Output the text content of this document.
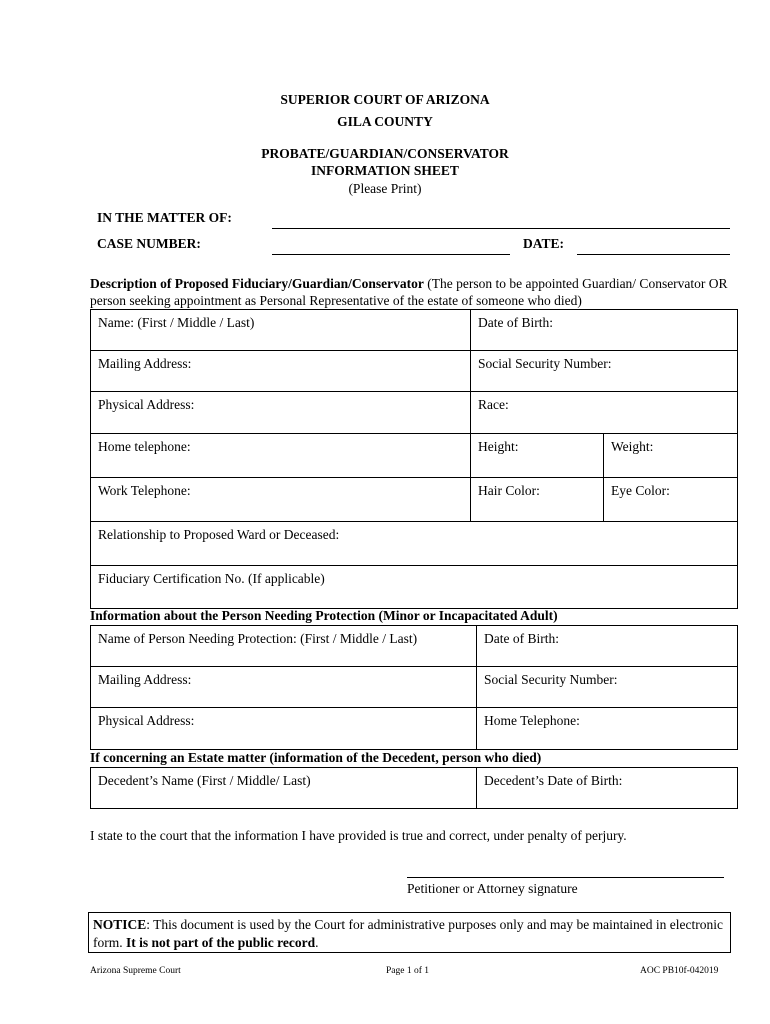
SUPERIOR COURT OF ARIZONA
GILA COUNTY
PROBATE/GUARDIAN/CONSERVATOR
INFORMATION SHEET
(Please Print)
IN THE MATTER OF:
CASE NUMBER:	DATE:
Description of Proposed Fiduciary/Guardian/Conservator (The person to be appointed Guardian/ Conservator OR person seeking appointment as Personal Representative of the estate of someone who died)
Name: (First / Middle / Last)	Date of Birth:	
Mailing Address:	Social Security Number:	
Physical Address:	Race:	
Home telephone:	Height:	Weight:
Work Telephone:	Hair Color:	Eye Color:
Relationship to Proposed Ward or Deceased:		
Fiduciary Certification No. (If applicable)		
Information about the Person Needing Protection (Minor or Incapacitated Adult)
Name of Person Needing Protection: (First / Middle / Last)	Date of Birth:
Mailing Address:	Social Security Number:
Physical Address:	Home Telephone:
If concerning an Estate matter (information of the Decedent, person who died)
Decedent’s Name (First / Middle/ Last)	Decedent’s Date of Birth:
I state to the court that the information I have provided is true and correct, under penalty of perjury.
Petitioner or Attorney signature
NOTICE: This document is used by the Court for administrative purposes only and may be maintained in electronic form. It is not part of the public record.
Arizona Supreme Court	Page 1 of 1	AOC PB10f-042019
